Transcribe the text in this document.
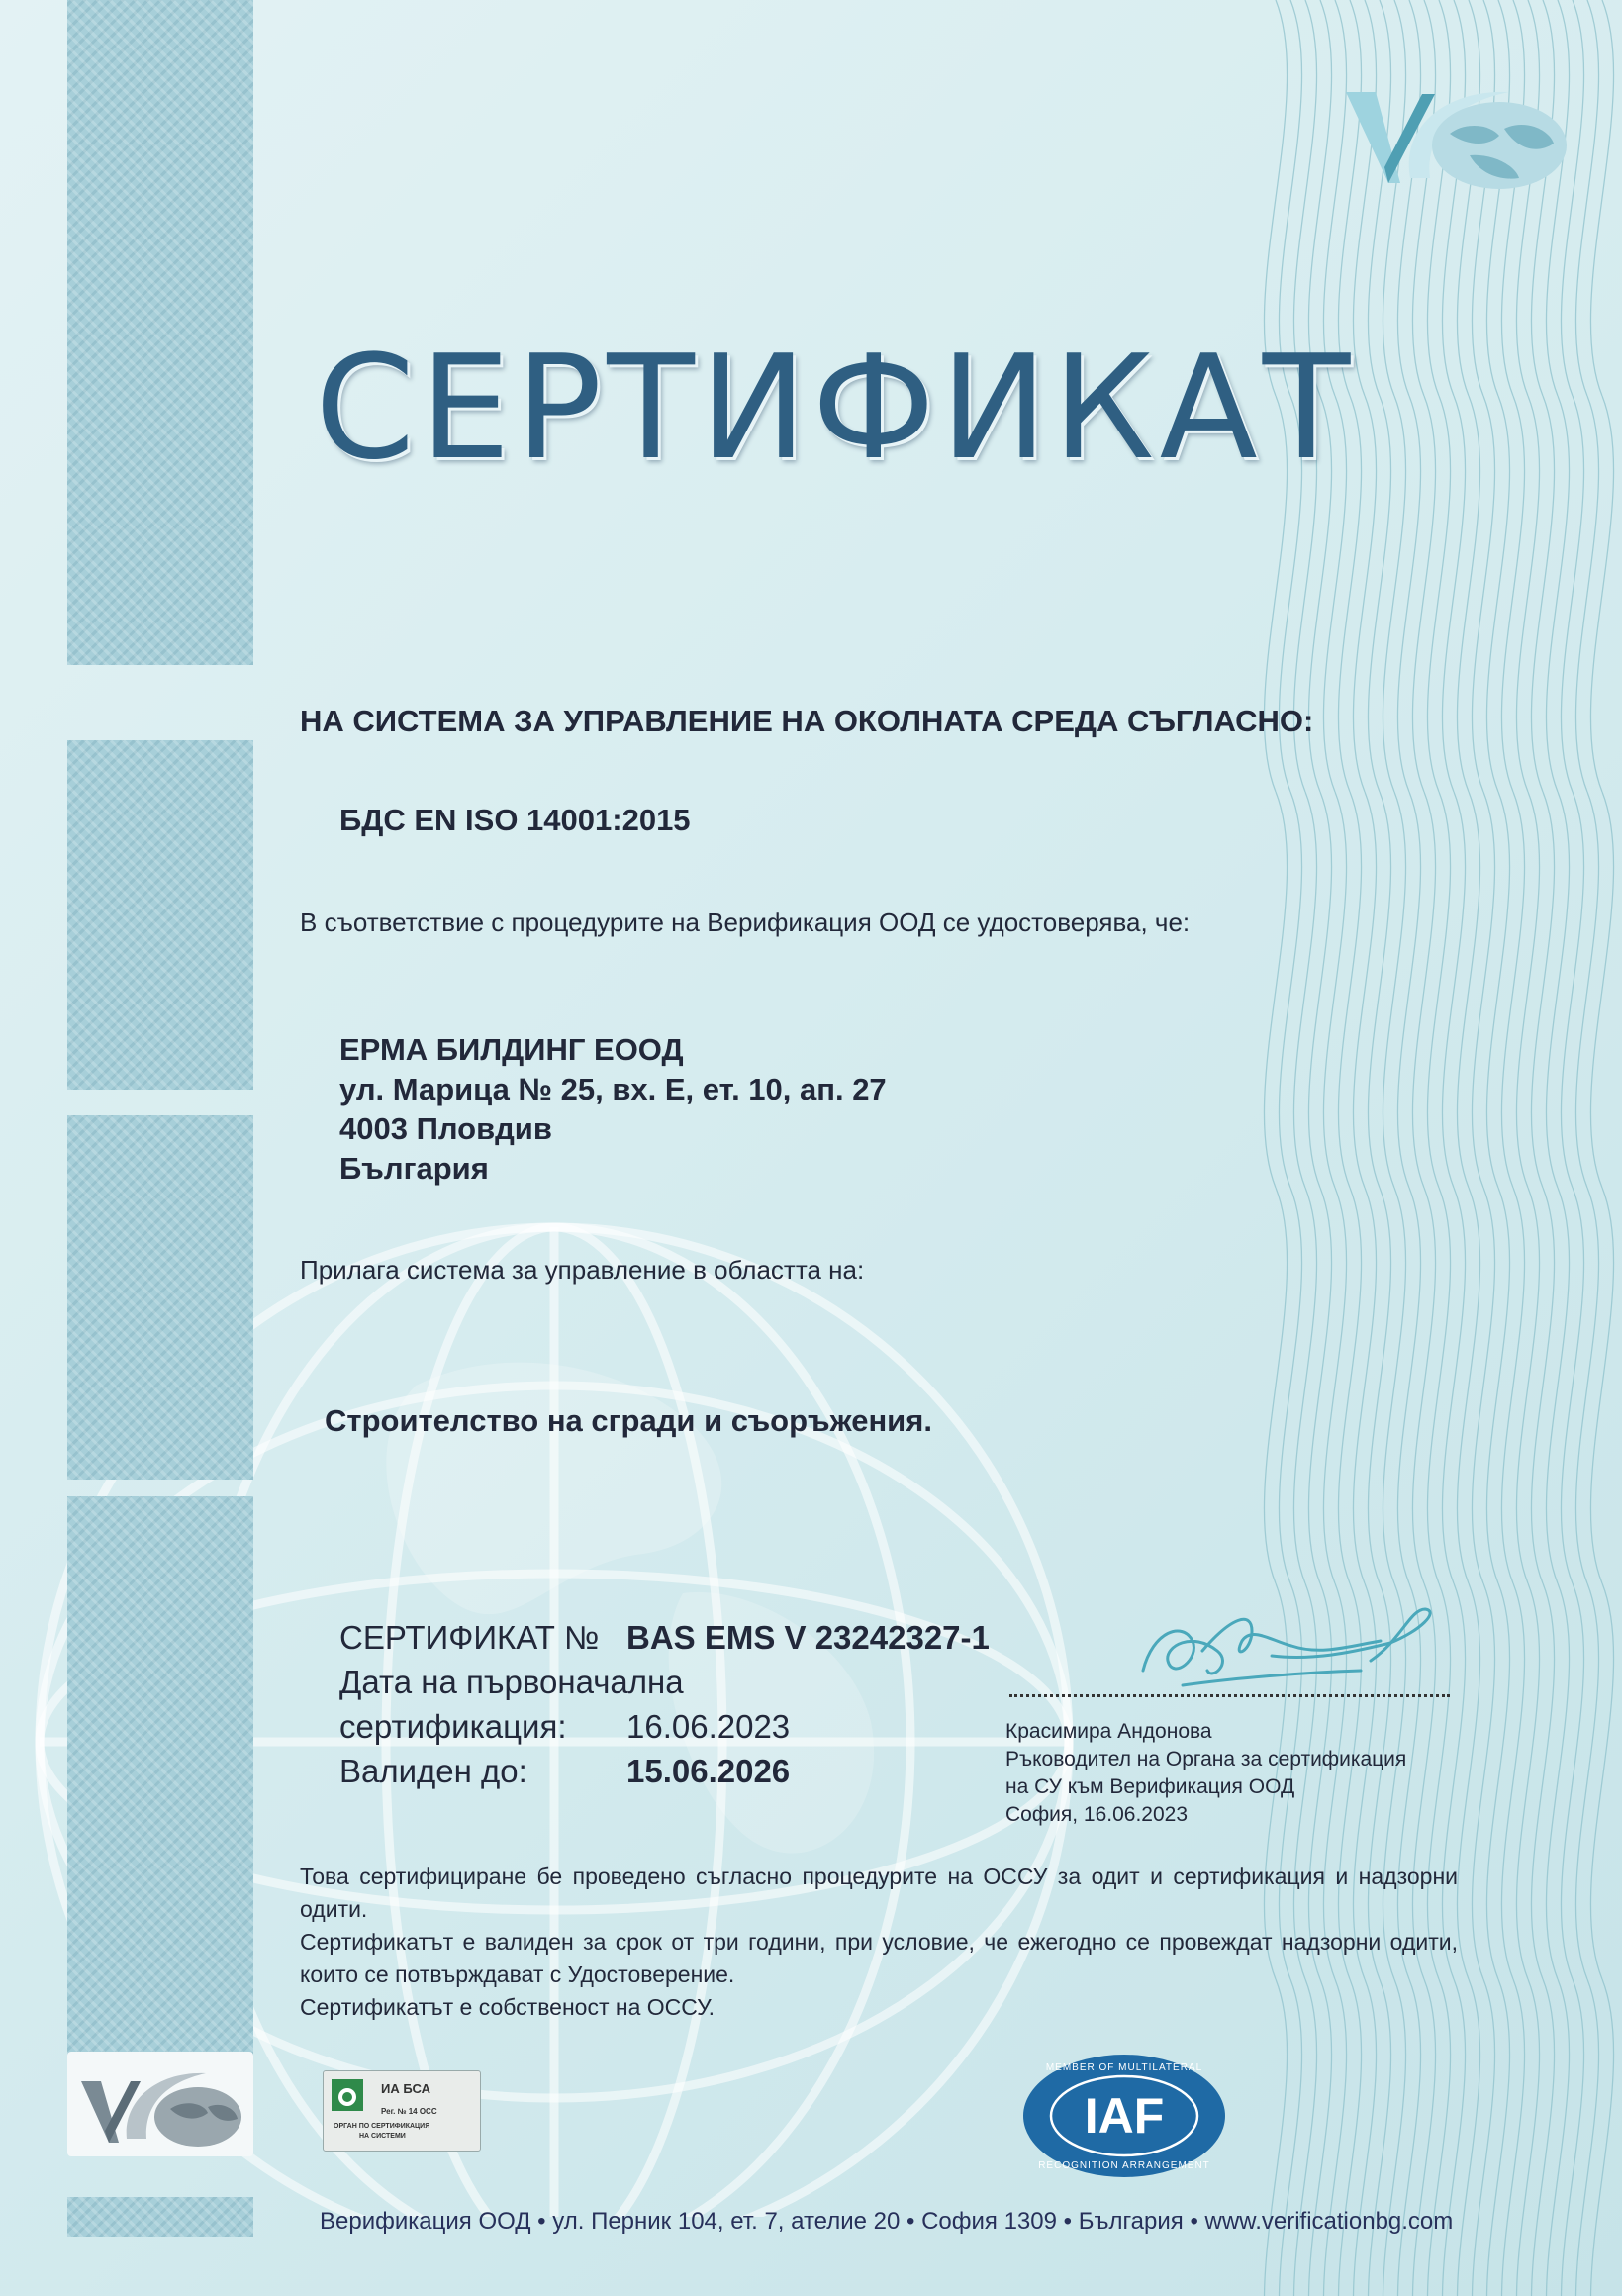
СЕРТИФИКАТ
НА СИСТЕМА ЗА УПРАВЛЕНИЕ НА ОКОЛНАТА СРЕДА СЪГЛАСНО:
БДС EN ISO 14001:2015
В съответствие с процедурите на Верификация ООД се удостоверява, че:
ЕРМА БИЛДИНГ ЕООД
ул. Марица № 25, вх. Е, ет. 10, ап. 27
4003 Пловдив
България
Прилага система за управление в областта на:
Строителство на сгради и съоръжения.
СЕРТИФИКАТ № BAS EMS V 23242327-1
Дата на първоначална
сертификация: 16.06.2023
Валиден до:	15.06.2026
Красимира Андонова
Ръководител на Органа за сертификация
на СУ към Верификация ООД
София, 16.06.2023

Това сертифициране бе проведено съгласно процедурите на ОССУ за одит и сертификация и надзорни одити.

Сертификатът е валиден за срок от три години, при условие, че ежегодно се провеждат надзорни одити, които се потвърждават с Удостоверение.

Сертификатът е собственост на ОССУ.

ИА БСА
Рег. № 14 ОСС
ОРГАН ПО СЕРТИФИКАЦИЯ
НА СИСТЕМИ	IAF
MEMBER OF MULTILATERAL
RECOGNITION ARRANGEMENT
Верификация ООД • ул. Перник 104, ет. 7, ателие 20 • София 1309 • България • www.verificationbg.com
